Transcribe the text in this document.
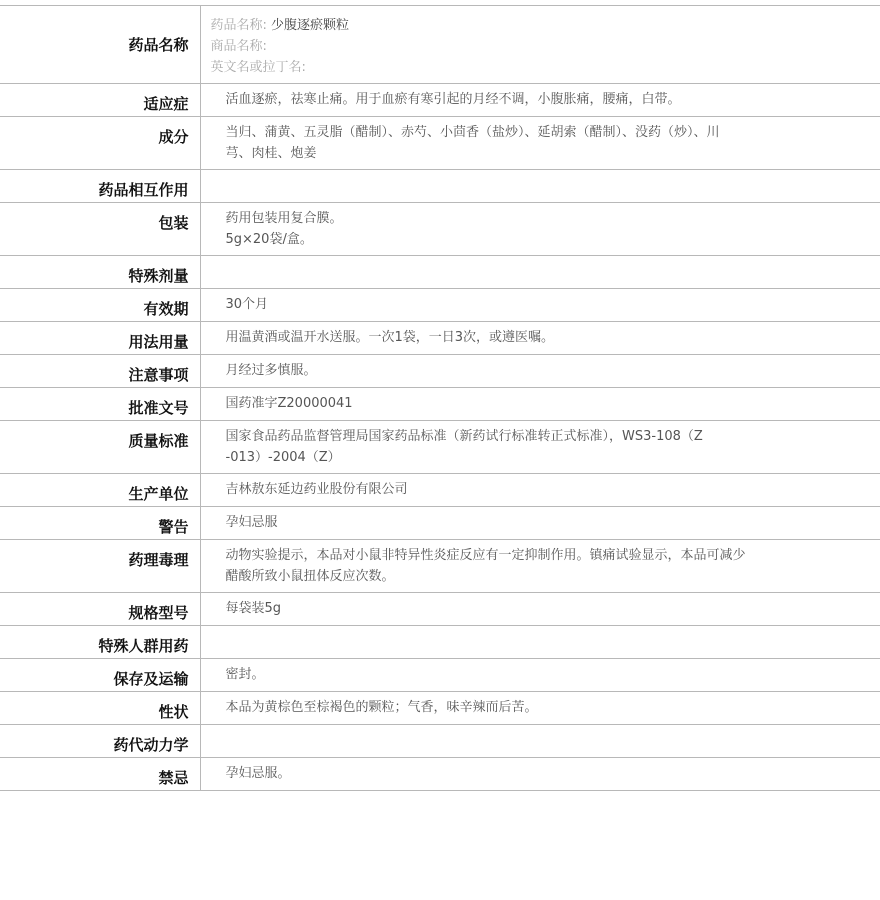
药品名称	药品名称: 少腹逐瘀颗粒
商品名称:
英文名或拉丁名:

适应症	活血逐瘀，祛寒止痛。用于血瘀有寒引起的月经不调，小腹胀痛，腰痛，白带。

成分	当归、蒲黄、五灵脂（醋制）、赤芍、小茴香（盐炒）、延胡索（醋制）、没药（炒）、川
芎、肉桂、炮姜

药品相互作用	
包装	药用包装用复合膜。
5g×20袋/盒。

特殊剂量	
有效期	30个月

用法用量	用温黄酒或温开水送服。一次1袋，一日3次，或遵医嘱。

注意事项	月经过多慎服。

批准文号	国药准字Z20000041

质量标准	国家食品药品监督管理局国家药品标准（新药试行标准转正式标准），WS3-108（Z
-013）-2004（Z）

生产单位	吉林敖东延边药业股份有限公司

警告	孕妇忌服

药理毒理	动物实验提示，本品对小鼠非特异性炎症反应有一定抑制作用。镇痛试验显示，本品可减少
醋酸所致小鼠扭体反应次数。

规格型号	每袋装5g

特殊人群用药	
保存及运输	密封。

性状	本品为黄棕色至棕褐色的颗粒；气香，味辛辣而后苦。

药代动力学	
禁忌	孕妇忌服。
